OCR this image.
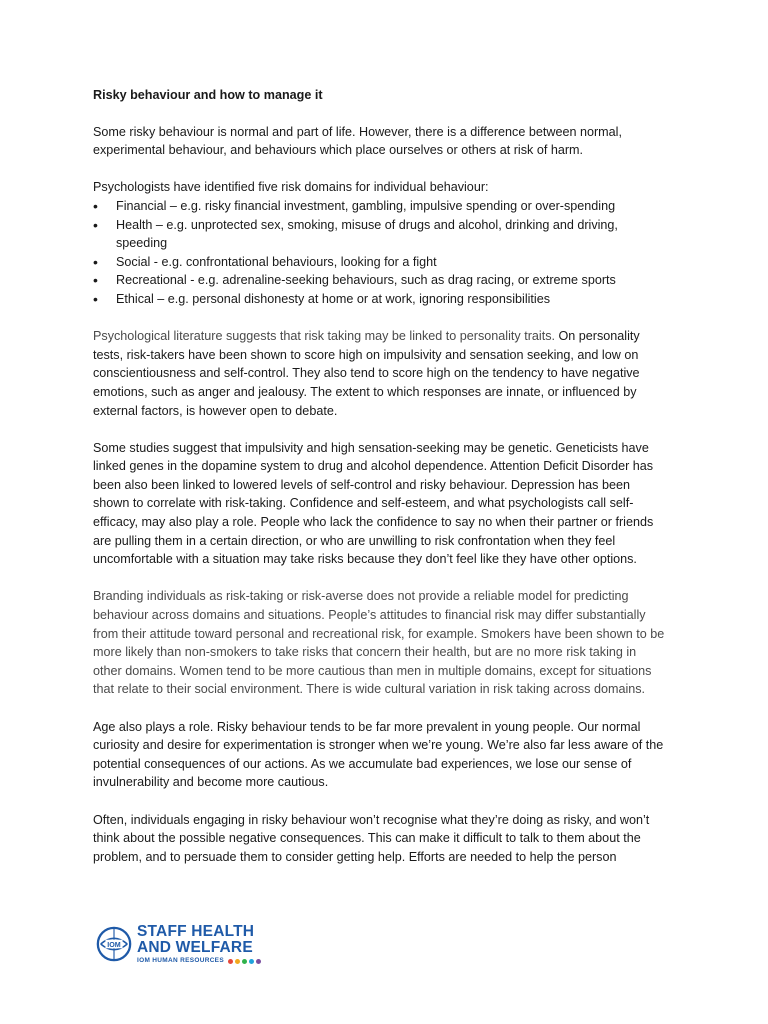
Risky behaviour and how to manage it

Some risky behaviour is normal and part of life. However, there is a difference between normal, experimental behaviour, and behaviours which place ourselves or others at risk of harm.

Psychologists have identified five risk domains for individual behaviour:
• Financial – e.g. risky financial investment, gambling, impulsive spending or over-spending
• Health – e.g. unprotected sex, smoking, misuse of drugs and alcohol, drinking and driving, speeding
• Social - e.g. confrontational behaviours, looking for a fight
• Recreational - e.g. adrenaline-seeking behaviours, such as drag racing, or extreme sports
• Ethical – e.g. personal dishonesty at home or at work, ignoring responsibilities

Psychological literature suggests that risk taking may be linked to personality traits. On personality tests, risk-takers have been shown to score high on impulsivity and sensation seeking, and low on conscientiousness and self-control. They also tend to score high on the tendency to have negative emotions, such as anger and jealousy. The extent to which responses are innate, or influenced by external factors, is however open to debate.

Some studies suggest that impulsivity and high sensation-seeking may be genetic. Geneticists have linked genes in the dopamine system to drug and alcohol dependence. Attention Deficit Disorder has been also been linked to lowered levels of self-control and risky behaviour. Depression has been shown to correlate with risk-taking. Confidence and self-esteem, and what psychologists call self-efficacy, may also play a role. People who lack the confidence to say no when their partner or friends are pulling them in a certain direction, or who are unwilling to risk confrontation when they feel uncomfortable with a situation may take risks because they don’t feel like they have other options.

Branding individuals as risk-taking or risk-averse does not provide a reliable model for predicting behaviour across domains and situations. People’s attitudes to financial risk may differ substantially from their attitude toward personal and recreational risk, for example. Smokers have been shown to be more likely than non-smokers to take risks that concern their health, but are no more risk taking in other domains. Women tend to be more cautious than men in multiple domains, except for situations that relate to their social environment. There is wide cultural variation in risk taking across domains.

Age also plays a role. Risky behaviour tends to be far more prevalent in young people. Our normal curiosity and desire for experimentation is stronger when we’re young. We’re also far less aware of the potential consequences of our actions. As we accumulate bad experiences, we lose our sense of invulnerability and become more cautious.

Often, individuals engaging in risky behaviour won’t recognise what they’re doing as risky, and won’t think about the possible negative consequences. This can make it difficult to talk to them about the problem, and to persuade them to consider getting help. Efforts are needed to help the person

IOM
STAFF HEALTH
AND WELFARE
IOM HUMAN RESOURCES
